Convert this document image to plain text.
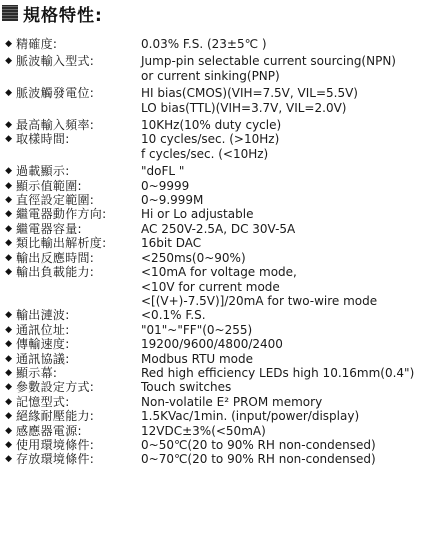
規格特性:
◆ 精確度:	0.03% F.S. (23±5℃ )
◆ 脈波輸入型式:	Jump-pin selectable current sourcing(NPN)
or current sinking(PNP)
◆ 脈波觸發電位:	HI bias(CMOS)(VIH=7.5V, VIL=5.5V)
LO bias(TTL)(VIH=3.7V, VIL=2.0V)
◆ 最高輸入頻率:	10KHz(10% duty cycle)
◆ 取樣時間:	10 cycles/sec. (>10Hz)
f cycles/sec. (<10Hz)
◆ 過載顯示:	"doFL "
◆ 顯示值範圍:	0~9999
◆ 直徑設定範圍:	0~9.999M
◆ 繼電器動作方向:	Hi or Lo adjustable
◆ 繼電器容量:	AC 250V-2.5A, DC 30V-5A
◆ 類比輸出解析度:	16bit DAC
◆ 輸出反應時間:	<250ms(0~90%)
◆ 輸出負載能力:	<10mA for voltage mode,
<10V for current mode
<[(V+)-7.5V)]/20mA for two-wire mode
◆ 輸出漣波:	<0.1% F.S.
◆ 通訊位址:	"01"~"FF"(0~255)
◆ 傳輸速度:	19200/9600/4800/2400
◆ 通訊協議:	Modbus RTU mode
◆ 顯示幕:	Red high efficiency LEDs high 10.16mm(0.4")
◆ 參數設定方式:	Touch switches
◆ 記憶型式:	Non-volatile E² PROM memory
◆ 絕緣耐壓能力:	1.5KVac/1min. (input/power/display)
◆ 感應器電源:	12VDC±3%(<50mA)
◆ 使用環境條件:	0~50℃(20 to 90% RH non-condensed)
◆ 存放環境條件:	0~70℃(20 to 90% RH non-condensed)
